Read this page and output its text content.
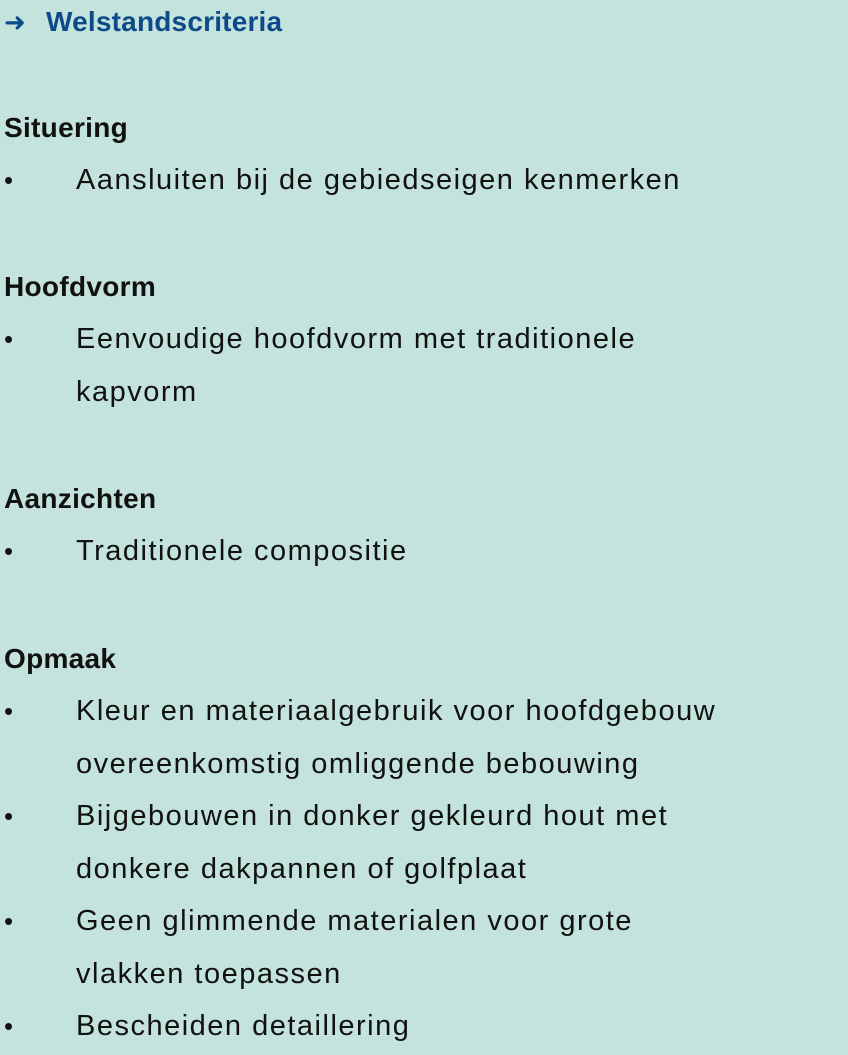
➜ Welstandscriteria
Situering
•	Aansluiten bij de gebiedseigen kenmerken
Hoofdvorm
•	Eenvoudige hoofdvorm met traditionele
kapvorm
Aanzichten
•	Traditionele compositie
Opmaak
•	Kleur en materiaalgebruik voor hoofdgebouw
overeenkomstig omliggende bebouwing
•	Bijgebouwen in donker gekleurd hout met
donkere dakpannen of golfplaat
•	Geen glimmende materialen voor grote
vlakken toepassen
•	Bescheiden detaillering
